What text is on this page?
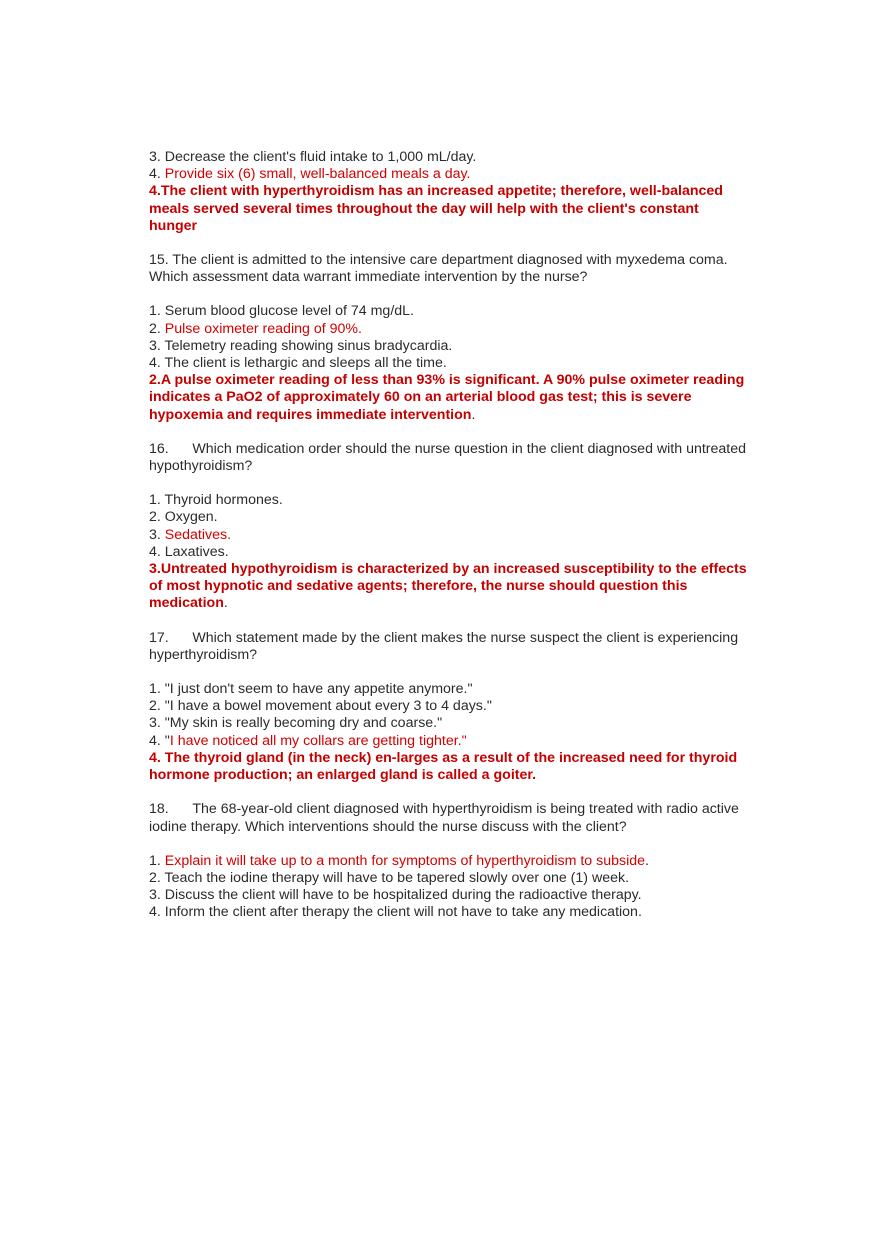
3. Decrease the client's fluid intake to 1,000 mL/day.
4. Provide six (6) small, well-balanced meals a day.
4.The client with hyperthyroidism has an increased appetite; therefore, well-balanced meals served several times throughout the day will help with the client's constant hunger
15. The client is admitted to the intensive care department diagnosed with myxedema coma. Which assessment data warrant immediate intervention by the nurse?
1. Serum blood glucose level of 74 mg/dL.
2. Pulse oximeter reading of 90%.
3. Telemetry reading showing sinus bradycardia.
4. The client is lethargic and sleeps all the time.
2.A pulse oximeter reading of less than 93% is significant. A 90% pulse oximeter reading indicates a PaO2 of approximately 60 on an arterial blood gas test; this is severe hypoxemia and requires immediate intervention.
16.      Which medication order should the nurse question in the client diagnosed with untreated hypothyroidism?
1. Thyroid hormones.
2. Oxygen.
3. Sedatives.
4. Laxatives.
3.Untreated hypothyroidism is characterized by an increased susceptibility to the effects of most hypnotic and sedative agents; therefore, the nurse should question this medication.
17.      Which statement made by the client makes the nurse suspect the client is experiencing hyperthyroidism?
1. "I just don't seem to have any appetite anymore."
2. "I have a bowel movement about every 3 to 4 days."
3. "My skin is really becoming dry and coarse."
4. "I have noticed all my collars are getting tighter."
4. The thyroid gland (in the neck) en-larges as a result of the increased need for thyroid hormone production; an enlarged gland is called a goiter.
18.      The 68-year-old client diagnosed with hyperthyroidism is being treated with radio active iodine therapy. Which interventions should the nurse discuss with the client?
1. Explain it will take up to a month for symptoms of hyperthyroidism to subside.
2. Teach the iodine therapy will have to be tapered slowly over one (1) week.
3. Discuss the client will have to be hospitalized during the radioactive therapy.
4. Inform the client after therapy the client will not have to take any medication.
